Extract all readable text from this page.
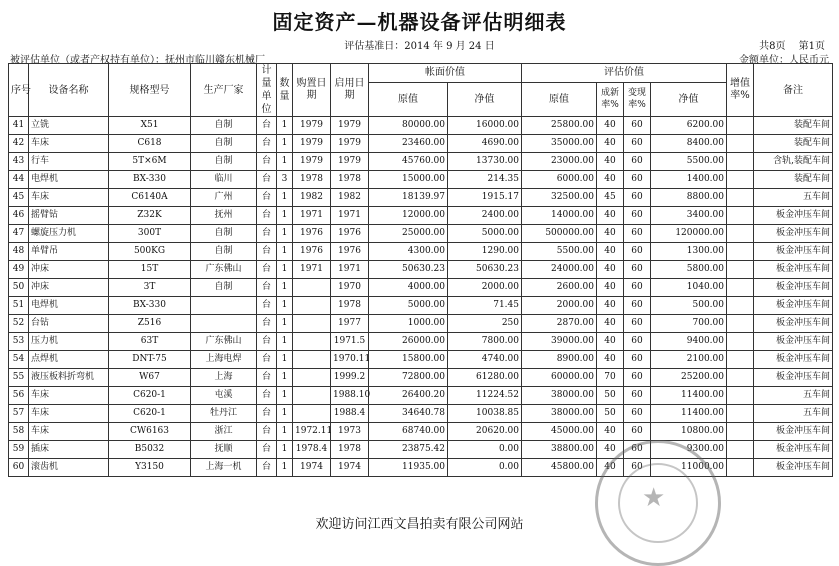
固定资产—机器设备评估明细表
评估基准日：2014 年 9 月 24 日	共8页　 第1页
被评估单位（或者产权持有单位）：抚州市临川赣东机械厂	金额单位：人民币元
序号	设备名称	规格型号	生产厂家	计量单位	数量	购置日期	启用日期	帐面价值		评估价值				增值率%	备注
								原值	净值	原值	成新率%	变现率%	净值		
41	立铣	X51	自制	台	1	1979	1979	80000.00	16000.00	25800.00	40	60	6200.00		装配车间
42	车床	C618	自制	台	1	1979	1979	23460.00	4690.00	35000.00	40	60	8400.00		装配车间
43	行车	5T×6M	自制	台	1	1979	1979	45760.00	13730.00	23000.00	40	60	5500.00		含轨,装配车间
44	电焊机	BX-330	临川	台	3	1978	1978	15000.00	214.35	6000.00	40	60	1400.00		装配车间
45	车床	C6140A	广州	台	1	1982	1982	18139.97	1915.17	32500.00	45	60	8800.00		五车间
46	摇臂钻	Z32K	抚州	台	1	1971	1971	12000.00	2400.00	14000.00	40	60	3400.00		板金冲压车间
47	螺旋压力机	300T	自制	台	1	1976	1976	25000.00	5000.00	500000.00	40	60	120000.00		板金冲压车间
48	单臂吊	500KG	自制	台	1	1976	1976	4300.00	1290.00	5500.00	40	60	1300.00		板金冲压车间
49	冲床	15T	广东佛山	台	1	1971	1971	50630.23	50630.23	24000.00	40	60	5800.00		板金冲压车间
50	冲床	3T	自制	台	1		1970	4000.00	2000.00	2600.00	40	60	1040.00		板金冲压车间
51	电焊机	BX-330		台	1		1978	5000.00	71.45	2000.00	40	60	500.00		板金冲压车间
52	台钻	Z516		台	1		1977	1000.00	250	2870.00	40	60	700.00		板金冲压车间
53	压力机	63T	广东佛山	台	1		1971.5	26000.00	7800.00	39000.00	40	60	9400.00		板金冲压车间
54	点焊机	DNT-75	上海电焊	台	1		1970.11	15800.00	4740.00	8900.00	40	60	2100.00		板金冲压车间
55	液压板料折弯机	W67	上海	台	1		1999.2	72800.00	61280.00	60000.00	70	60	25200.00		板金冲压车间
56	车床	C620-1	屯溪	台	1		1988.10	26400.20	11224.52	38000.00	50	60	11400.00		五车间
57	车床	C620-1	牡丹江	台	1		1988.4	34640.78	10038.85	38000.00	50	60	11400.00		五车间
58	车床	CW6163	浙江	台	1	1972.11	1973	68740.00	20620.00	45000.00	40	60	10800.00		板金冲压车间
59	插床	B5032	抚顺	台	1	1978.4	1978	23875.42	0.00	38800.00	40	60	9300.00		板金冲压车间
60	滚齿机	Y3150	上海一机	台	1	1974	1974	11935.00	0.00	45800.00	40	60	11000.00		板金冲压车间
★
欢迎访问江西文昌拍卖有限公司网站
